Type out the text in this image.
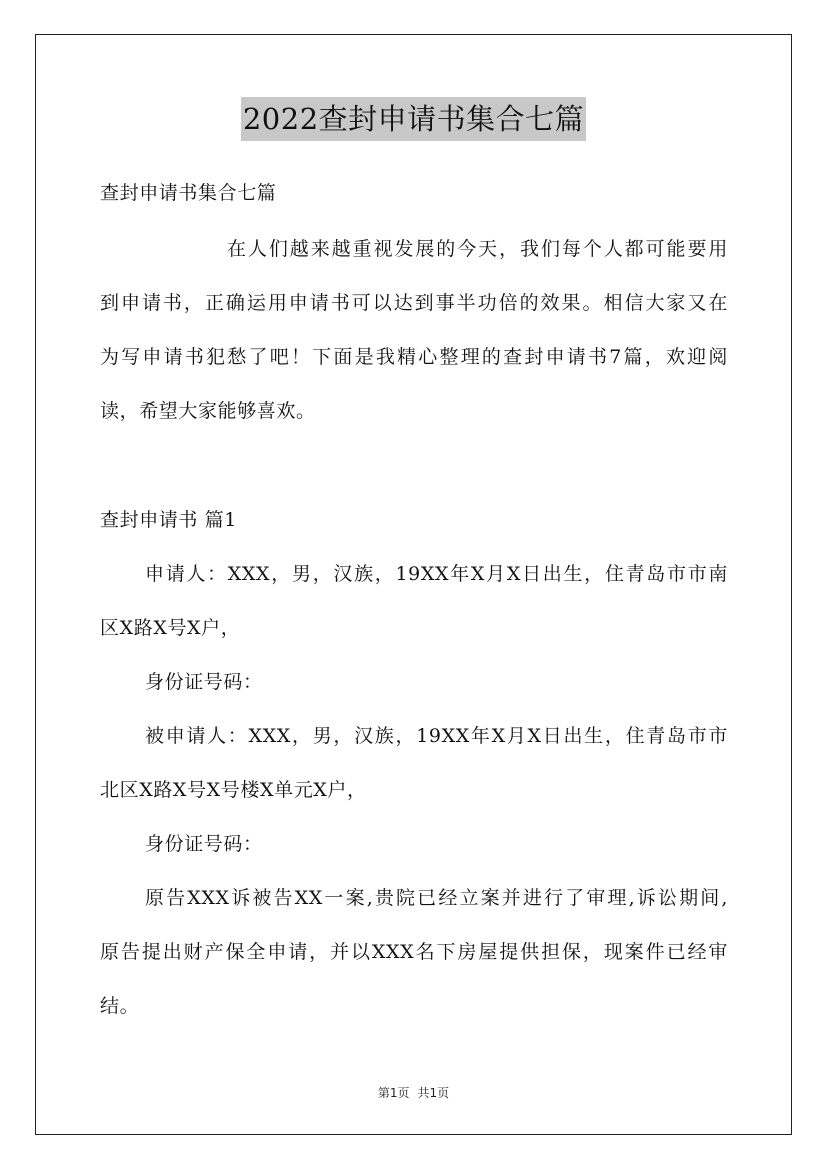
2022查封申请书集合七篇
查封申请书集合七篇
在人们越来越重视发展的今天，我们每个人都可能要用
到申请书，正确运用申请书可以达到事半功倍的效果。相信大家又在
为写申请书犯愁了吧！下面是我精心整理的查封申请书7篇，欢迎阅
读，希望大家能够喜欢。
查封申请书 篇1
申请人：XXX，男，汉族，19XX年X月X日出生，住青岛市市南
区X路X号X户，
身份证号码：
被申请人：XXX，男，汉族，19XX年X月X日出生，住青岛市市
北区X路X号X号楼X单元X户，
身份证号码：
原告XXX诉被告XX一案,贵院已经立案并进行了审理,诉讼期间,
原告提出财产保全申请，并以XXX名下房屋提供担保，现案件已经审
结。
第1页 共1页
